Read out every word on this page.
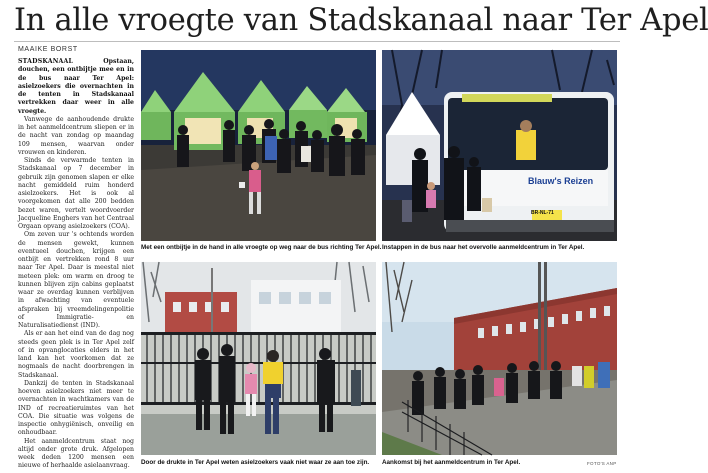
In alle vroegte van Stadskanaal naar Ter Apel
MAAIKE BORST

STADSKANAAL	Opstaan, douchen, een ontbijtje mee en in de bus naar Ter Apel: asielzoekers die overnachten in de tenten in Stadskanaal vertrekken daar weer in alle vroegte.

Vanwege de aanhoudende drukte in het aanmeldcentrum sliepen er in de nacht van zondag op maandag 109 mensen, waarvan onder vrouwen en kinderen.

Sinds de verwarmde tenten in Stadskanaal op 7 december in gebruik zijn genomen slapen er elke nacht gemiddeld ruim honderd asielzoekers. Het is ook al voorgekomen dat alle 200 bedden bezet waren, vertelt woordvoerder Jacqueline Enghers van het Centraal Orgaan opvang asielzoekers (COA).

Om zeven uur 's ochtends worden de mensen gewekt, kunnen eventueel douchen, krijgen een ontbijt en vertrekken rond 8 uur naar Ter Apel. Daar is meestal niet meteen plek: om warm en droog te kunnen blijven zijn cabins geplaatst waar ze overdag kunnen verblijven in afwachting van eventuele afspraken bij vreemdelingenpolitie of Immigratie- en Naturalisatiedienst (IND).

Als er aan het eind van de dag nog steeds geen plek is in Ter Apel zelf of in opvanglocaties elders in het land kan het voorkomen dat ze nogmaals de nacht doorbrengen in Stadskanaal.

Dankzij de tenten in Stadskanaal hoeven asielzoekers niet meer te overnachten in wachtkamers van de IND of recreatieruimtes van het COA. Die situatie was volgens de inspectie onhygiënisch, onveilig en onhoudbaar.

Het aanmeldcentrum staat nog altijd onder grote druk. Afgelopen week deden 1200 mensen een nieuwe of herhaalde asielaanvraag.

Met een ontbijtje in de hand in alle vroegte op weg naar de bus richting Ter Apel.
Blauw's Reizen
BR-NL-71
Instappen in de bus naar het overvolle aanmeldcentrum in Ter Apel.
Door de drukte in Ter Apel weten asielzoekers vaak niet waar ze aan toe zijn. Aankomst bij het aanmeldcentrum in Ter Apel.	FOTO'S ANP
